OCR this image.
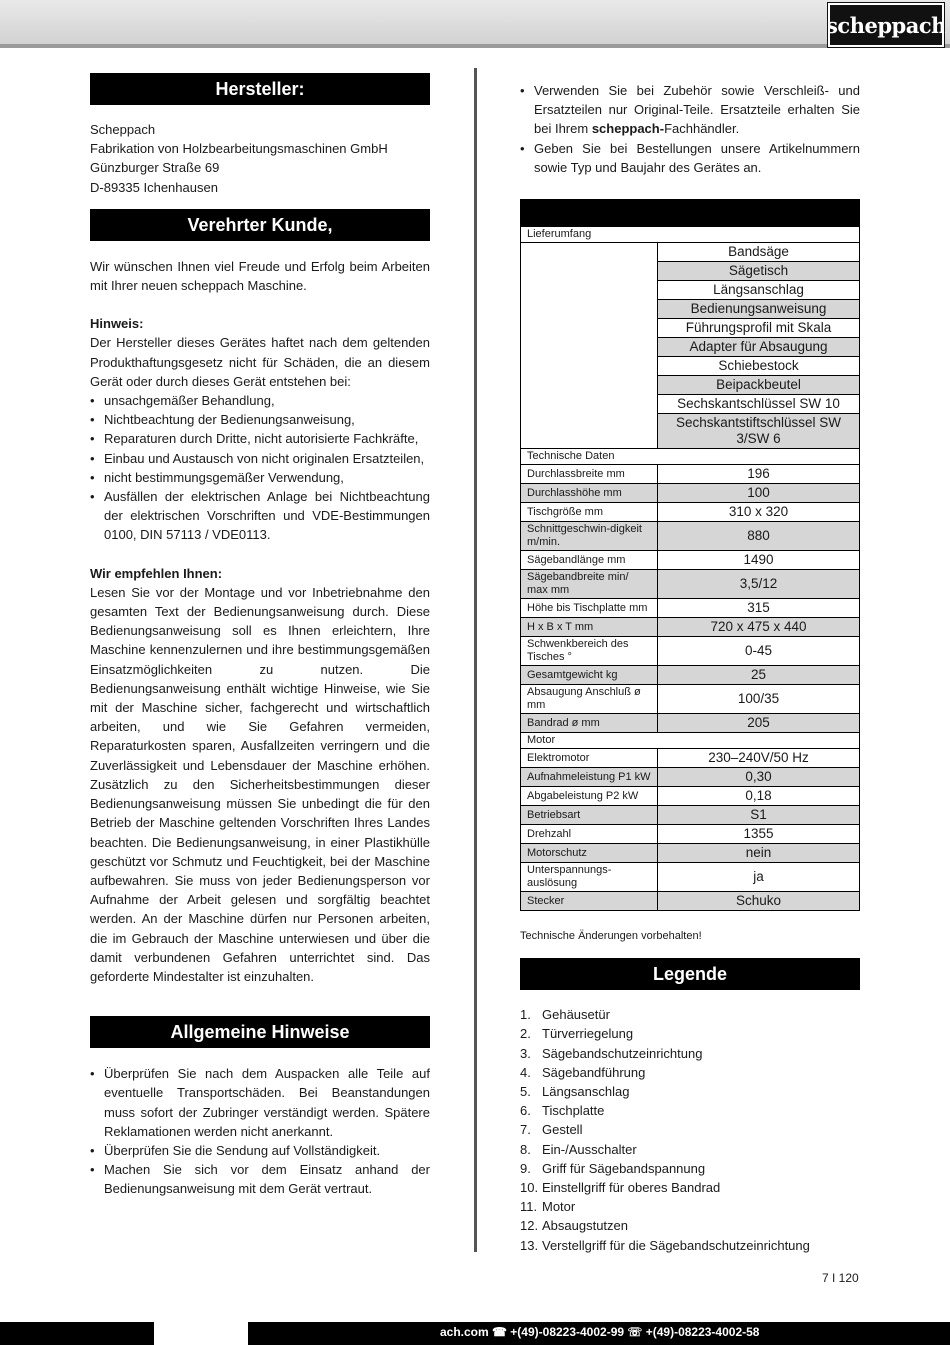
scheppach
Hersteller:
Scheppach
Fabrikation von Holzbearbeitungsmaschinen GmbH
Günzburger Straße 69
D-89335 Ichenhausen
Verehrter Kunde,

Wir wünschen Ihnen viel Freude und Erfolg beim Arbeiten mit Ihrer neuen scheppach Maschine.

Hinweis:

Der Hersteller dieses Gerätes haftet nach dem geltenden Produkthaftungsgesetz nicht für Schäden, die an diesem Gerät oder durch dieses Gerät entstehen bei:

• unsachgemäßer Behandlung,
• Nichtbeachtung der Bedienungsanweisung,
• Reparaturen durch Dritte, nicht autorisierte Fachkräfte,
• Einbau und Austausch von nicht originalen Ersatzteilen,
• nicht bestimmungsgemäßer Verwendung,
• Ausfällen der elektrischen Anlage bei Nichtbeachtung der elektrischen Vorschriften und VDE-Bestimmungen 0100, DIN 57113 / VDE0113.
Wir empfehlen Ihnen:

Lesen Sie vor der Montage und vor Inbetriebnahme den gesamten Text der Bedienungsanweisung durch. Diese Bedienungsanweisung soll es Ihnen erleichtern, Ihre Maschine kennenzulernen und ihre bestimmungsgemäßen Einsatzmöglichkeiten zu nutzen. Die Bedienungsanweisung enthält wichtige Hinweise, wie Sie mit der Maschine sicher, fachgerecht und wirtschaftlich arbeiten, und wie Sie Gefahren vermeiden, Reparaturkosten sparen, Ausfallzeiten verringern und die Zuverlässigkeit und Lebensdauer der Maschine erhöhen. Zusätzlich zu den Sicherheitsbestimmungen dieser Bedienungsanweisung müssen Sie unbedingt die für den Betrieb der Maschine geltenden Vorschriften Ihres Landes beachten. Die Bedienungsanweisung, in einer Plastikhülle geschützt vor Schmutz und Feuchtigkeit, bei der Maschine aufbewahren. Sie muss von jeder Bedienungsperson vor Aufnahme der Arbeit gelesen und sorgfältig beachtet werden. An der Maschine dürfen nur Personen arbeiten, die im Gebrauch der Maschine unterwiesen und über die damit verbundenen Gefahren unterrichtet sind. Das geforderte Mindestalter ist einzuhalten.

Allgemeine Hinweise
• Überprüfen Sie nach dem Auspacken alle Teile auf eventuelle Transportschäden. Bei Beanstandungen muss sofort der Zubringer verständigt werden. Spätere Reklamationen werden nicht anerkannt.
• Überprüfen Sie die Sendung auf Vollständigkeit.
• Machen Sie sich vor dem Einsatz anhand der Bedienungsanweisung mit dem Gerät vertraut.
• Verwenden Sie bei Zubehör sowie Verschleiß- und Ersatzteilen nur Original-Teile. Ersatzteile erhalten Sie bei Ihrem scheppach-Fachhändler.
• Geben Sie bei Bestellungen unsere Artikelnummern sowie Typ und Baujahr des Gerätes an.

Lieferumfang	
	Bandsäge
	Sägetisch
	Längsanschlag
	Bedienungsanweisung
	Führungsprofil mit Skala
	Adapter für Absaugung
	Schiebestock
	Beipackbeutel
	Sechskantschlüssel SW 10
	Sechskantstiftschlüssel SW 3/SW 6
Technische Daten	
Durchlassbreite mm	196
Durchlasshöhe mm	100
Tischgröße mm	310 x 320
Schnittgeschwin-digkeit m/min.	880
Sägebandlänge mm	1490
Sägebandbreite min/ max mm	3,5/12
Höhe bis Tischplatte mm	315
H x B x T mm	720 x 475 x 440
Schwenkbereich des Tisches °	0-45
Gesamtgewicht kg	25
Absaugung Anschluß ø mm	100/35
Bandrad ø mm	205
Motor	
Elektromotor	230–240V/50 Hz
Aufnahmeleistung P1 kW	0,30
Abgabeleistung P2 kW	0,18
Betriebsart	S1
Drehzahl	1355
Motorschutz	nein
Unterspannungs-auslösung	ja
Stecker	Schuko
Technische Änderungen vorbehalten!
Legende
1. Gehäusetür
2. Türverriegelung
3. Sägebandschutzeinrichtung
4. Sägebandführung
5. Längsanschlag
6. Tischplatte
7. Gestell
8. Ein-/Ausschalter
9. Griff für Sägebandspannung
10. Einstellgriff für oberes Bandrad
11. Motor
12. Absaugstutzen
13. Verstellgriff für die Sägebandschutzeinrichtung
7 I 120
ach.com ☎ +(49)-08223-4002-99 ☏ +(49)-08223-4002-58
